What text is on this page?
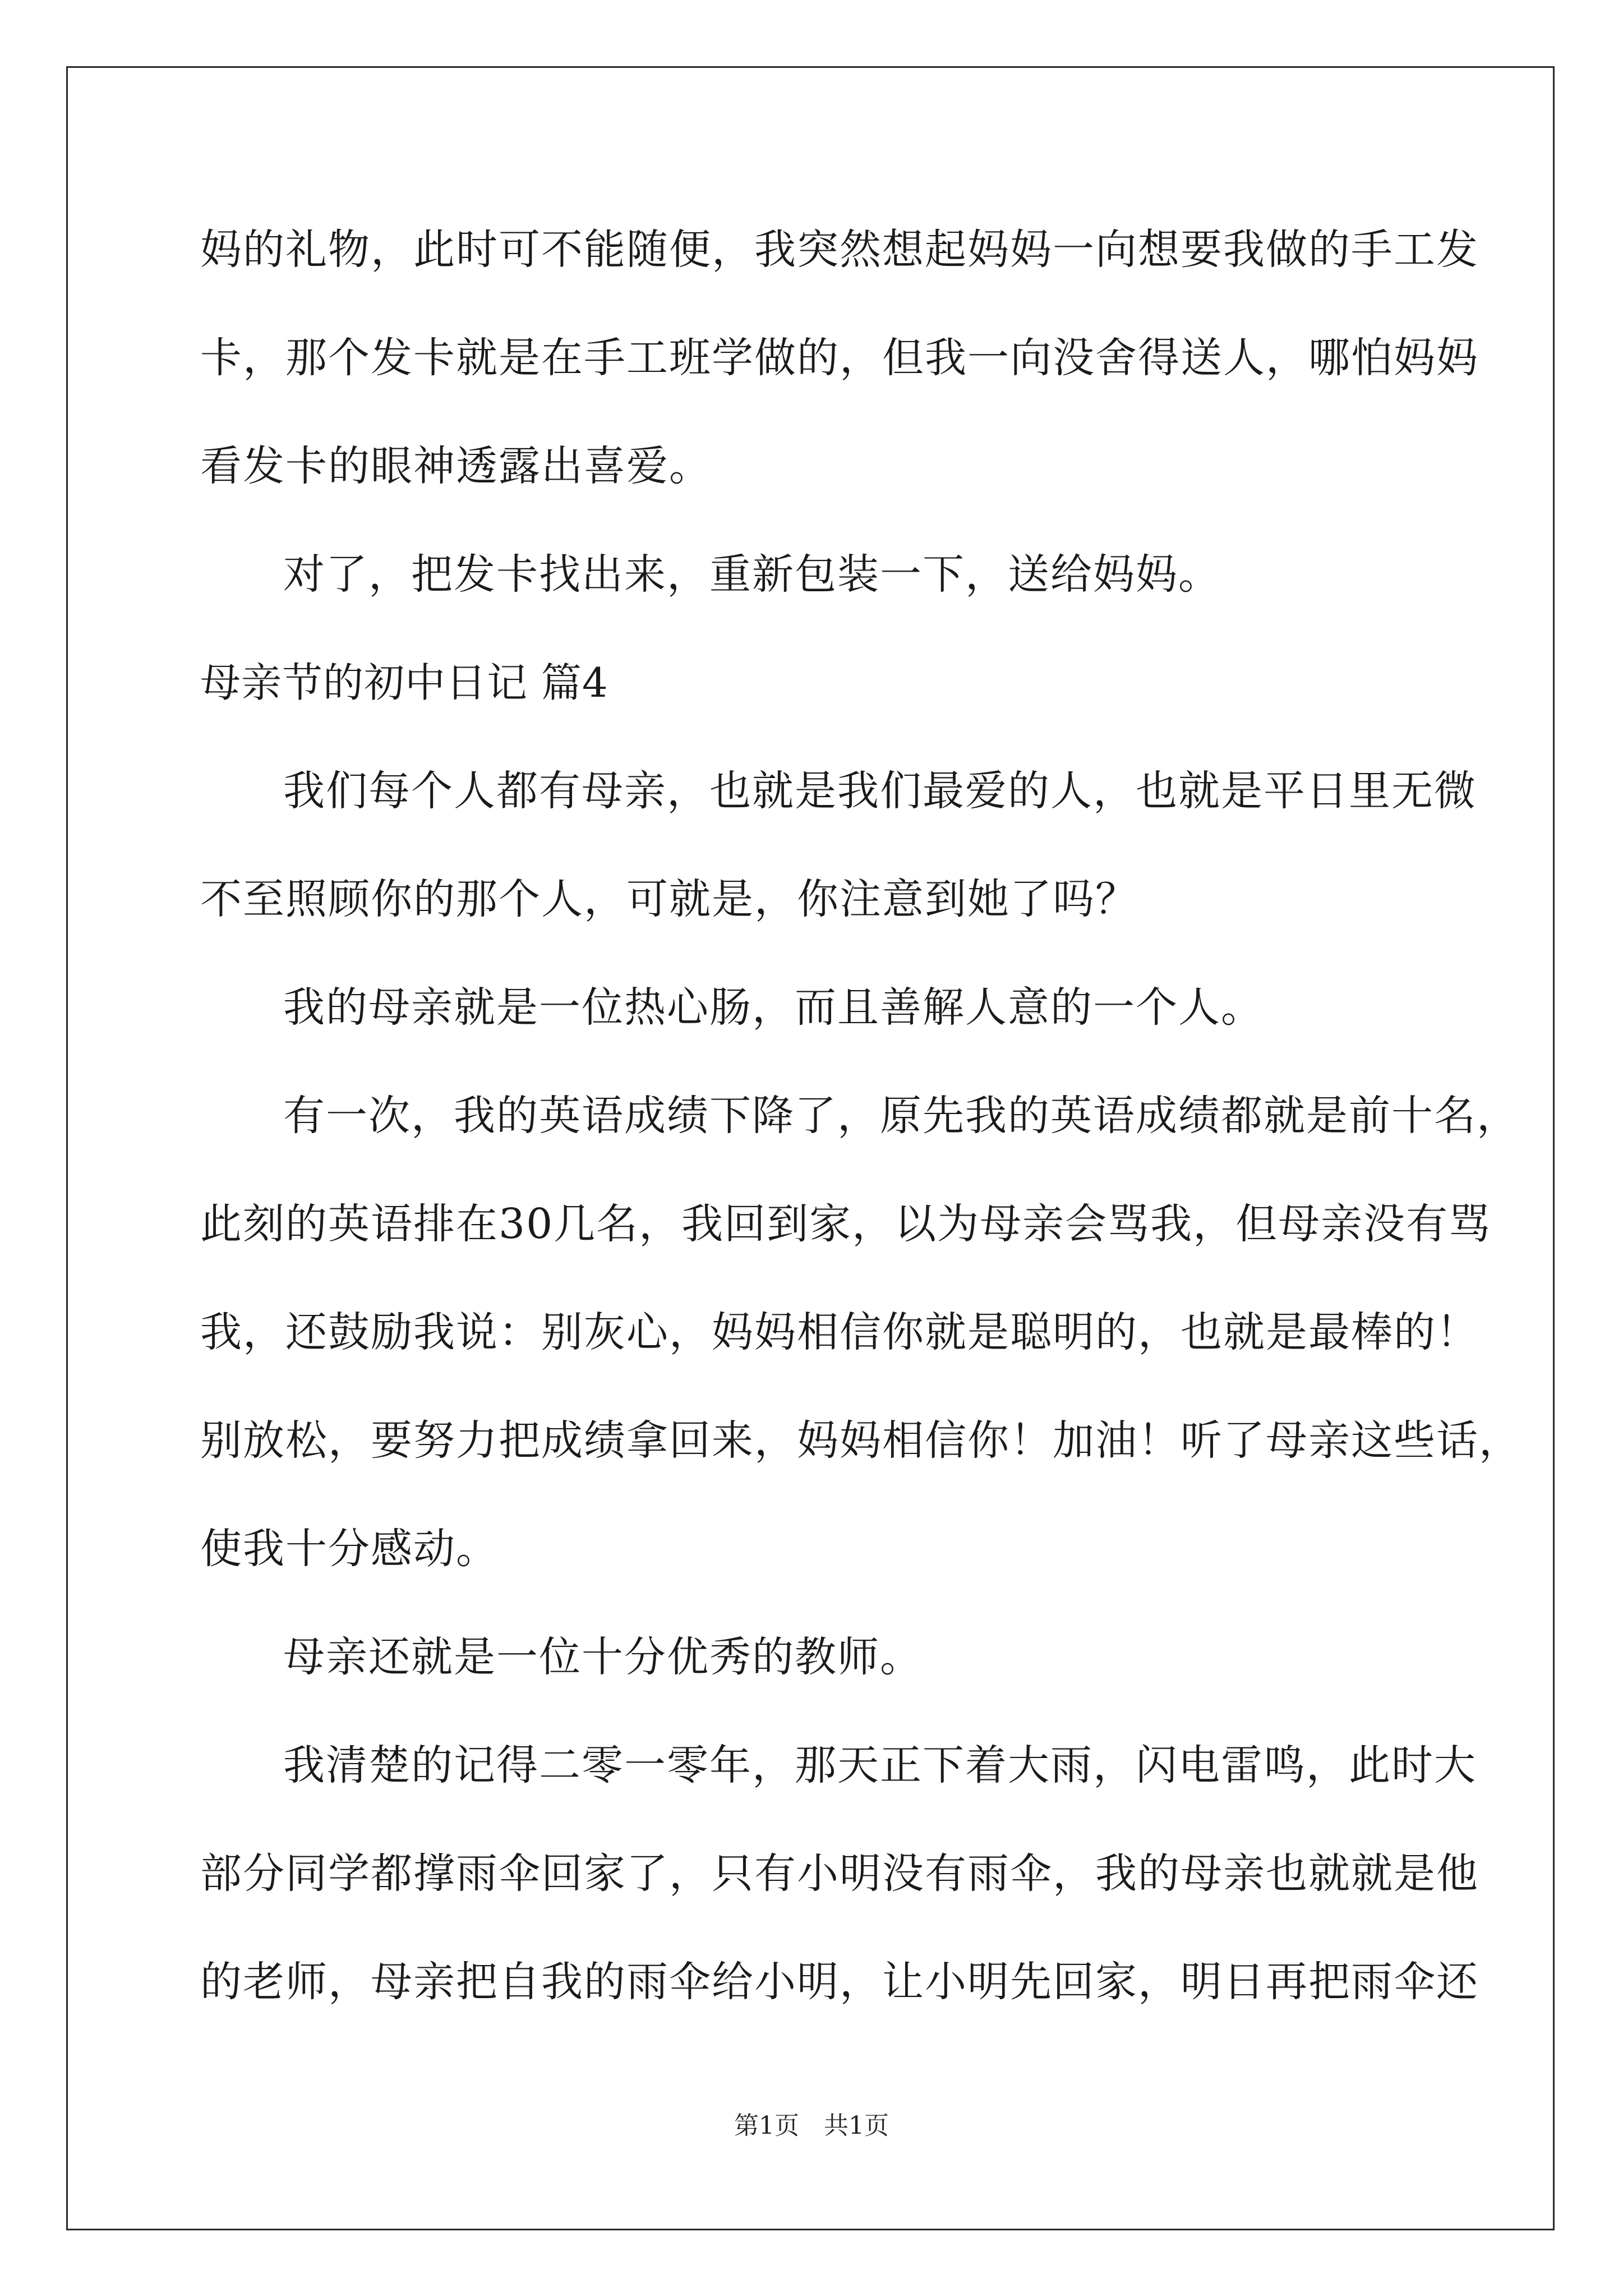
妈的礼物，此时可不能随便，我突然想起妈妈一向想要我做的手工发
卡，那个发卡就是在手工班学做的，但我一向没舍得送人，哪怕妈妈
看发卡的眼神透露出喜爱。
对了，把发卡找出来，重新包装一下，送给妈妈。
母亲节的初中日记 篇4
我们每个人都有母亲，也就是我们最爱的人，也就是平日里无微
不至照顾你的那个人，可就是，你注意到她了吗？
我的母亲就是一位热心肠，而且善解人意的一个人。
有一次，我的英语成绩下降了，原先我的英语成绩都就是前十名，
此刻的英语排在30几名，我回到家，以为母亲会骂我，但母亲没有骂
我，还鼓励我说：别灰心，妈妈相信你就是聪明的，也就是最棒的！
别放松，要努力把成绩拿回来，妈妈相信你！加油！听了母亲这些话，
使我十分感动。
母亲还就是一位十分优秀的教师。
我清楚的记得二零一零年，那天正下着大雨，闪电雷鸣，此时大
部分同学都撑雨伞回家了，只有小明没有雨伞，我的母亲也就就是他
的老师，母亲把自我的雨伞给小明，让小明先回家，明日再把雨伞还
第1页　共1页
